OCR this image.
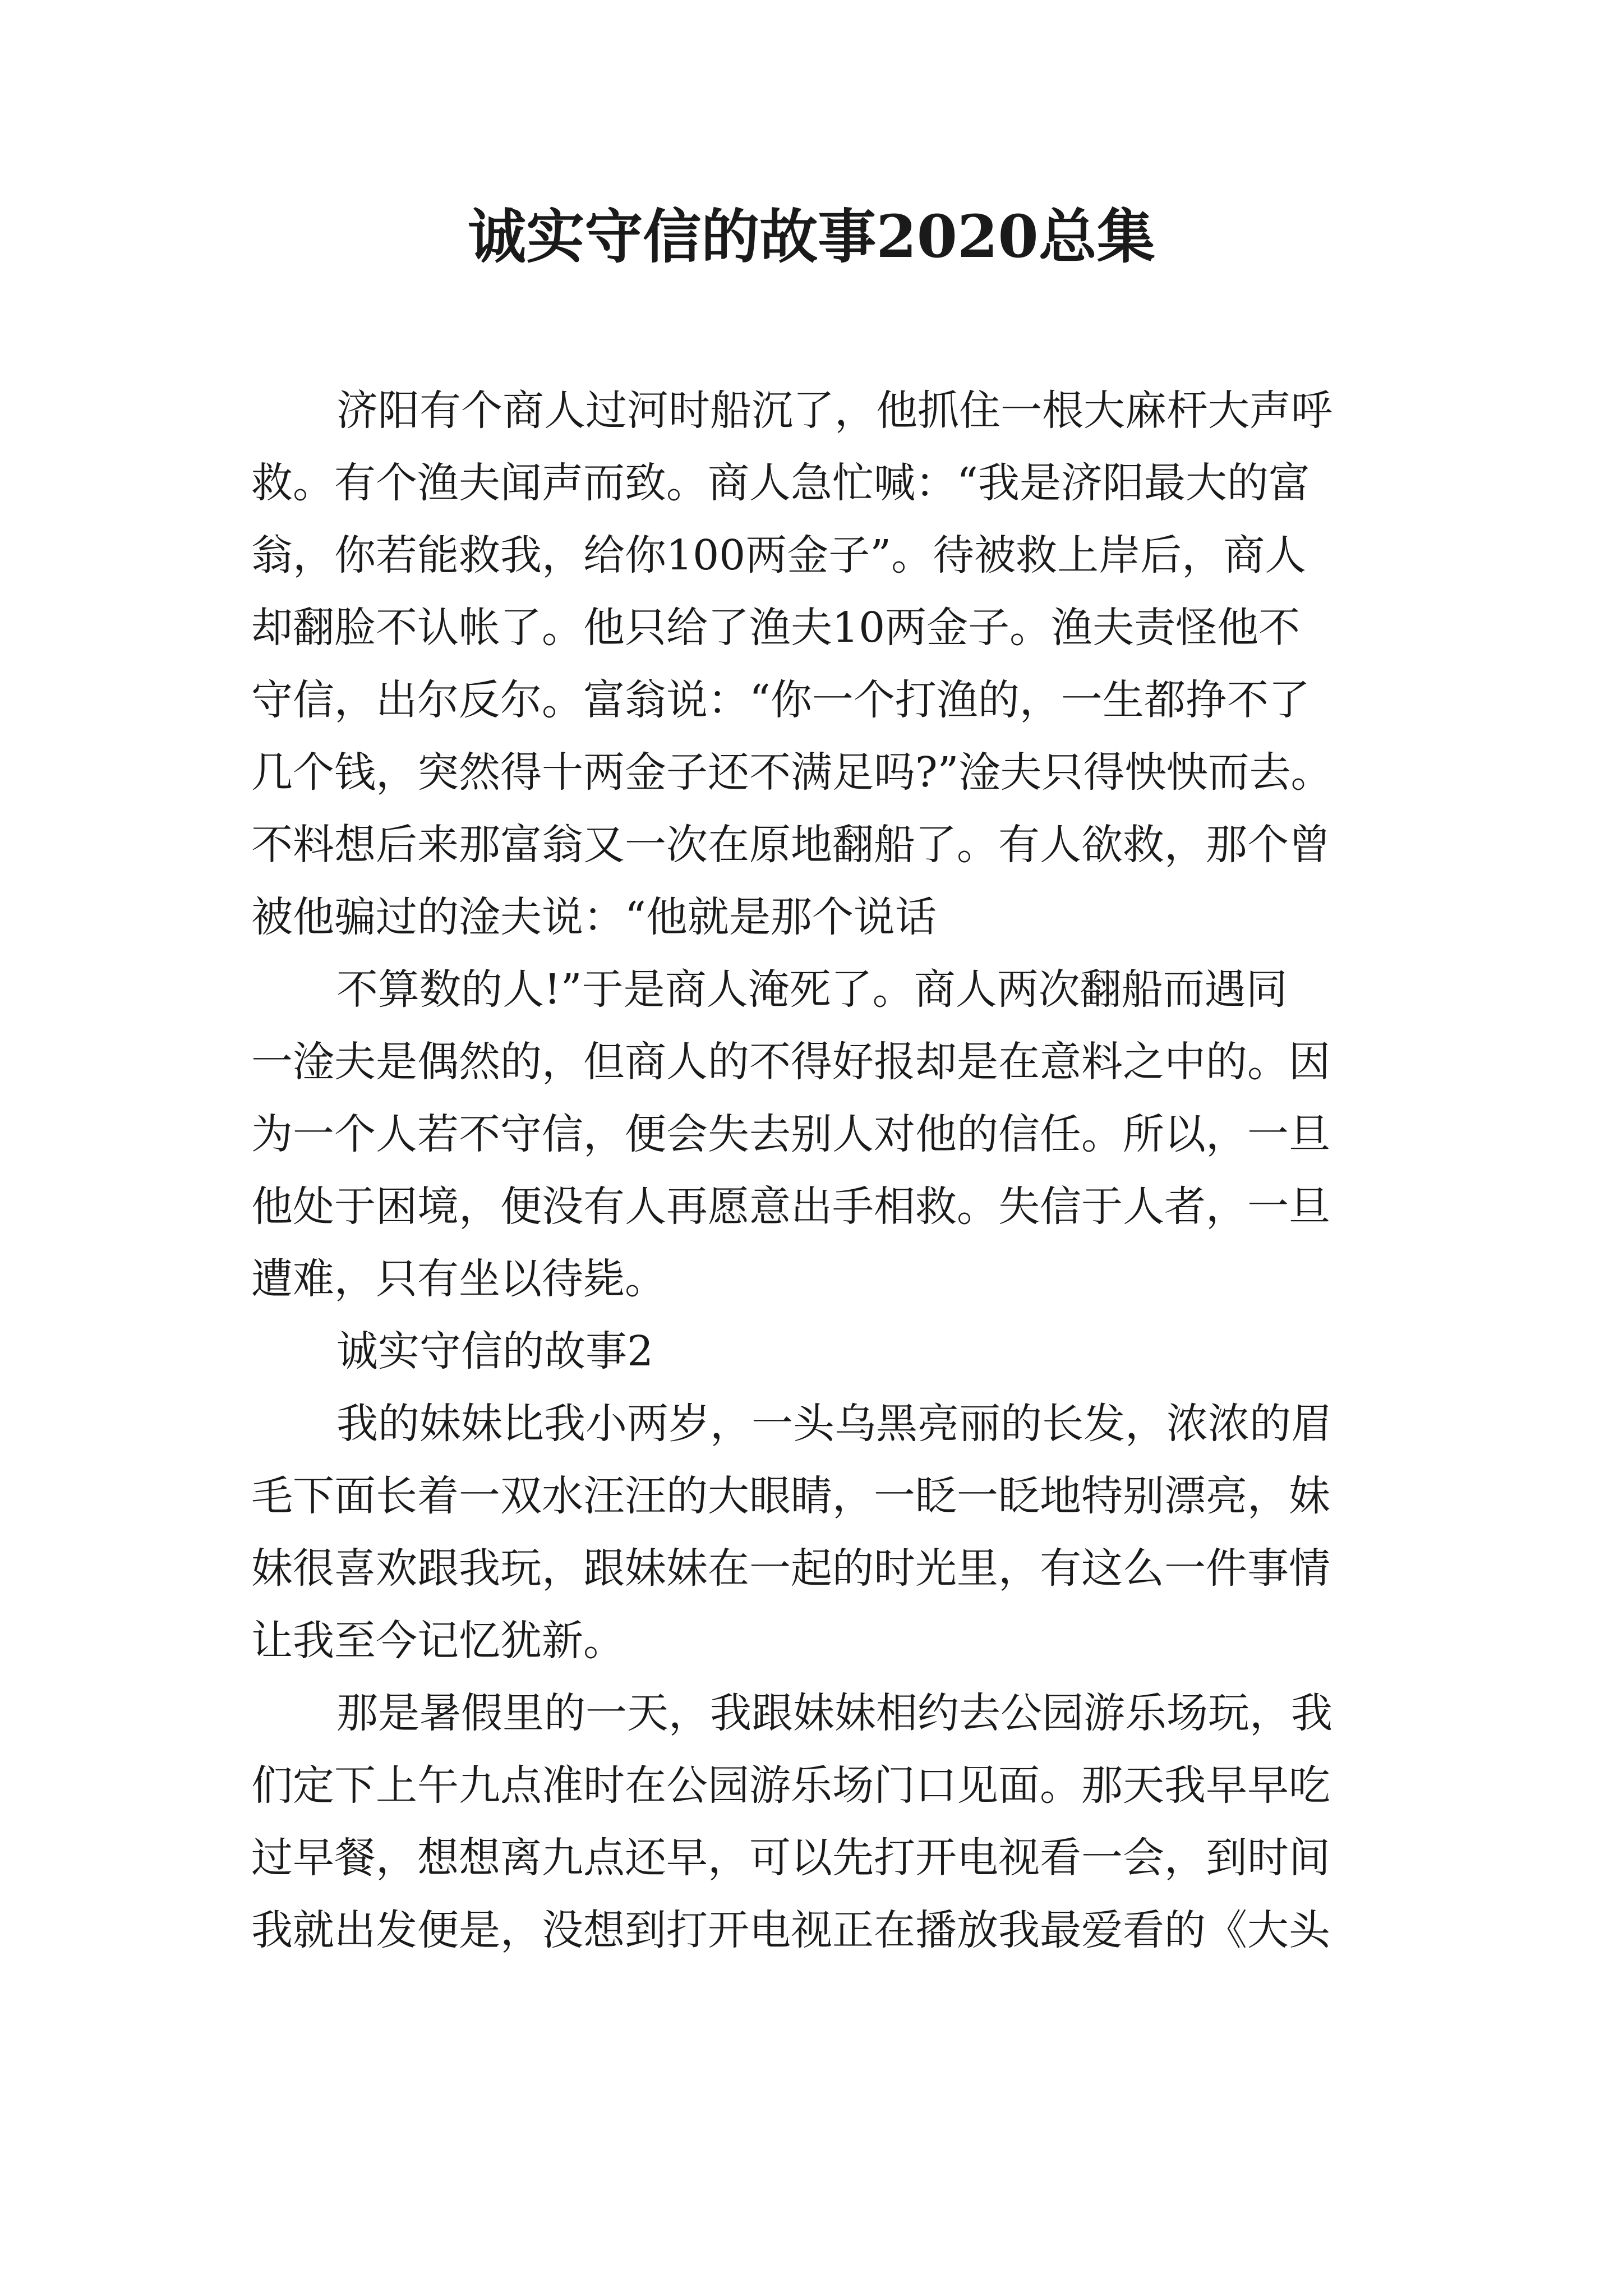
诚实守信的故事2020总集

济阳有个商人过河时船沉了，他抓住一根大麻杆大声呼
救。有个渔夫闻声而致。商人急忙喊：“我是济阳最大的富
翁，你若能救我，给你100两金子”。待被救上岸后，商人
却翻脸不认帐了。他只给了渔夫10两金子。渔夫责怪他不
守信，出尔反尔。富翁说：“你一个打渔的，一生都挣不了
几个钱，突然得十两金子还不满足吗?”淦夫只得怏怏而去。
不料想后来那富翁又一次在原地翻船了。有人欲救，那个曾
被他骗过的淦夫说：“他就是那个说话

不算数的人!”于是商人淹死了。商人两次翻船而遇同
一淦夫是偶然的，但商人的不得好报却是在意料之中的。因
为一个人若不守信，便会失去别人对他的信任。所以，一旦
他处于困境，便没有人再愿意出手相救。失信于人者，一旦
遭难，只有坐以待毙。

诚实守信的故事2

我的妹妹比我小两岁，一头乌黑亮丽的长发，浓浓的眉
毛下面长着一双水汪汪的大眼睛，一眨一眨地特别漂亮，妹
妹很喜欢跟我玩，跟妹妹在一起的时光里，有这么一件事情
让我至今记忆犹新。

那是暑假里的一天，我跟妹妹相约去公园游乐场玩，我
们定下上午九点准时在公园游乐场门口见面。那天我早早吃
过早餐，想想离九点还早，可以先打开电视看一会，到时间
我就出发便是，没想到打开电视正在播放我最爱看的《大头
